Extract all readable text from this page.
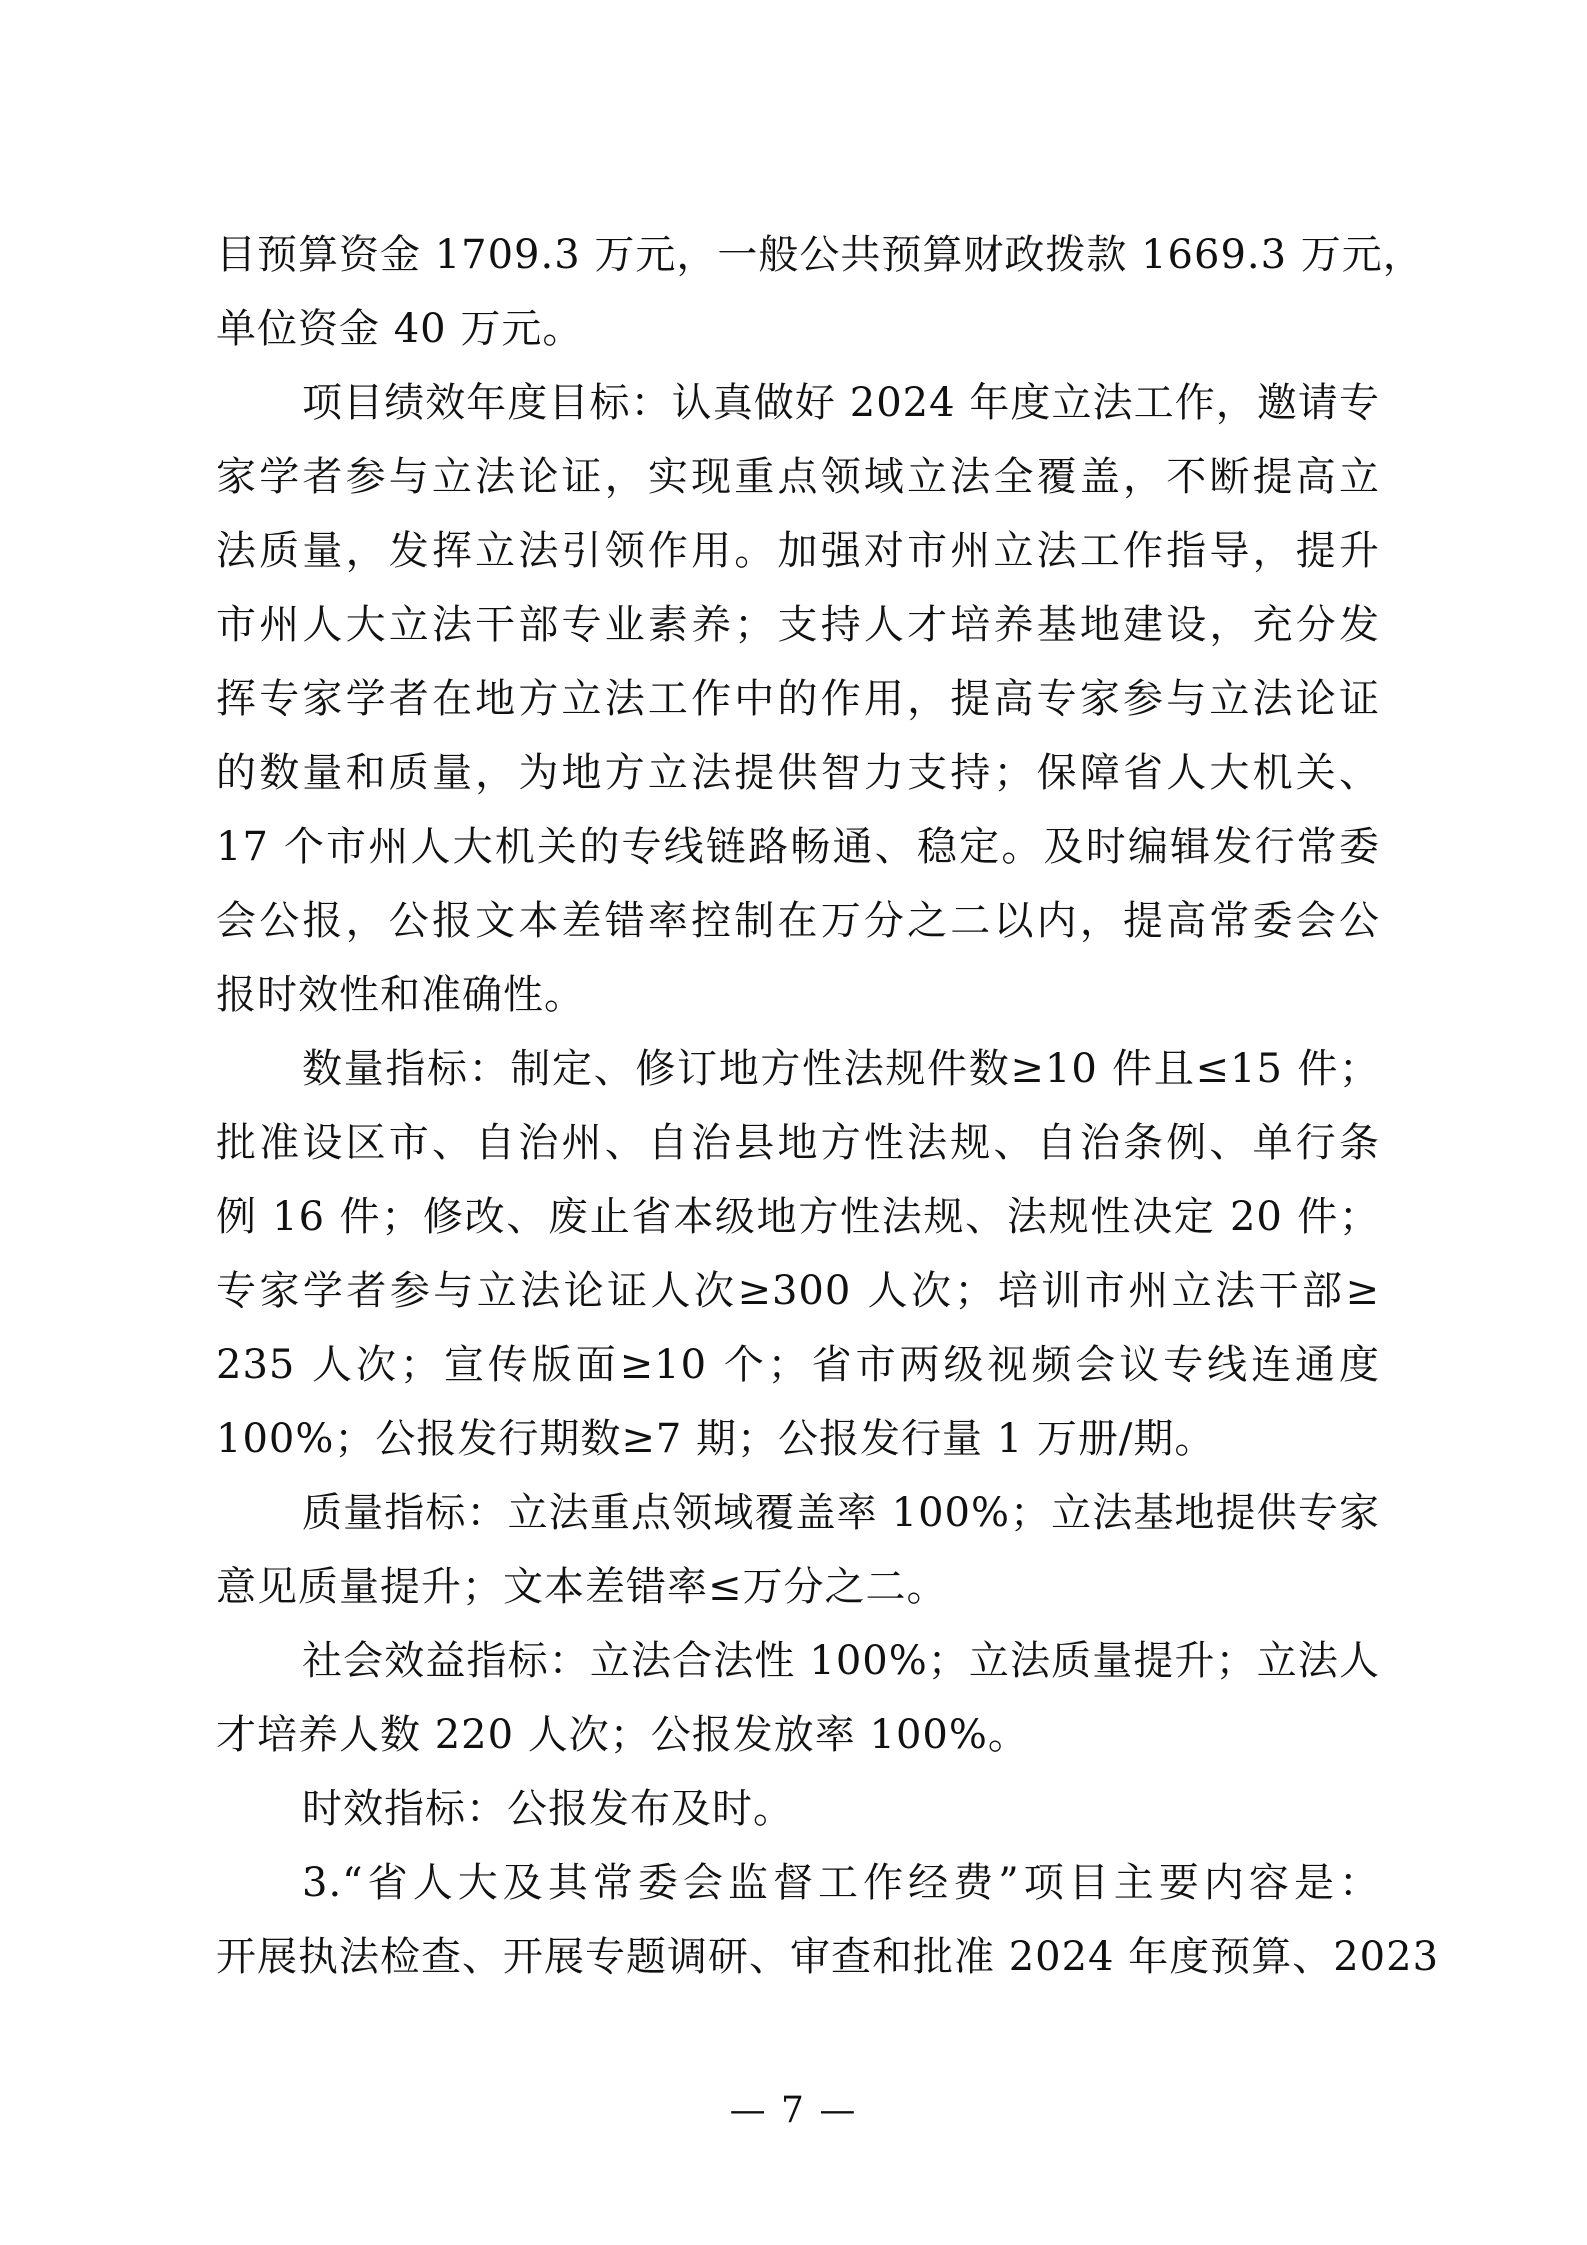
目预算资金 1709.3 万元，一般公共预算财政拨款 1669.3 万元，
单位资金 40 万元。
项目绩效年度目标：认真做好 2024 年度立法工作，邀请专
家学者参与立法论证，实现重点领域立法全覆盖，不断提高立
法质量，发挥立法引领作用。加强对市州立法工作指导，提升
市州人大立法干部专业素养；支持人才培养基地建设，充分发
挥专家学者在地方立法工作中的作用，提高专家参与立法论证
的数量和质量，为地方立法提供智力支持；保障省人大机关、
17 个市州人大机关的专线链路畅通、稳定。及时编辑发行常委
会公报，公报文本差错率控制在万分之二以内，提高常委会公
报时效性和准确性。
数量指标：制定、修订地方性法规件数≥10 件且≤15 件；
批准设区市、自治州、自治县地方性法规、自治条例、单行条
例 16 件；修改、废止省本级地方性法规、法规性决定 20 件；
专家学者参与立法论证人次≥300 人次；培训市州立法干部≥
235 人次；宣传版面≥10 个；省市两级视频会议专线连通度
100%；公报发行期数≥7 期；公报发行量 1 万册/期。
质量指标：立法重点领域覆盖率 100%；立法基地提供专家
意见质量提升；文本差错率≤万分之二。
社会效益指标：立法合法性 100%；立法质量提升；立法人
才培养人数 220 人次；公报发放率 100%。
时效指标：公报发布及时。
3.“省人大及其常委会监督工作经费”项目主要内容是：
开展执法检查、开展专题调研、审查和批准 2024 年度预算、2023
— 7 —
